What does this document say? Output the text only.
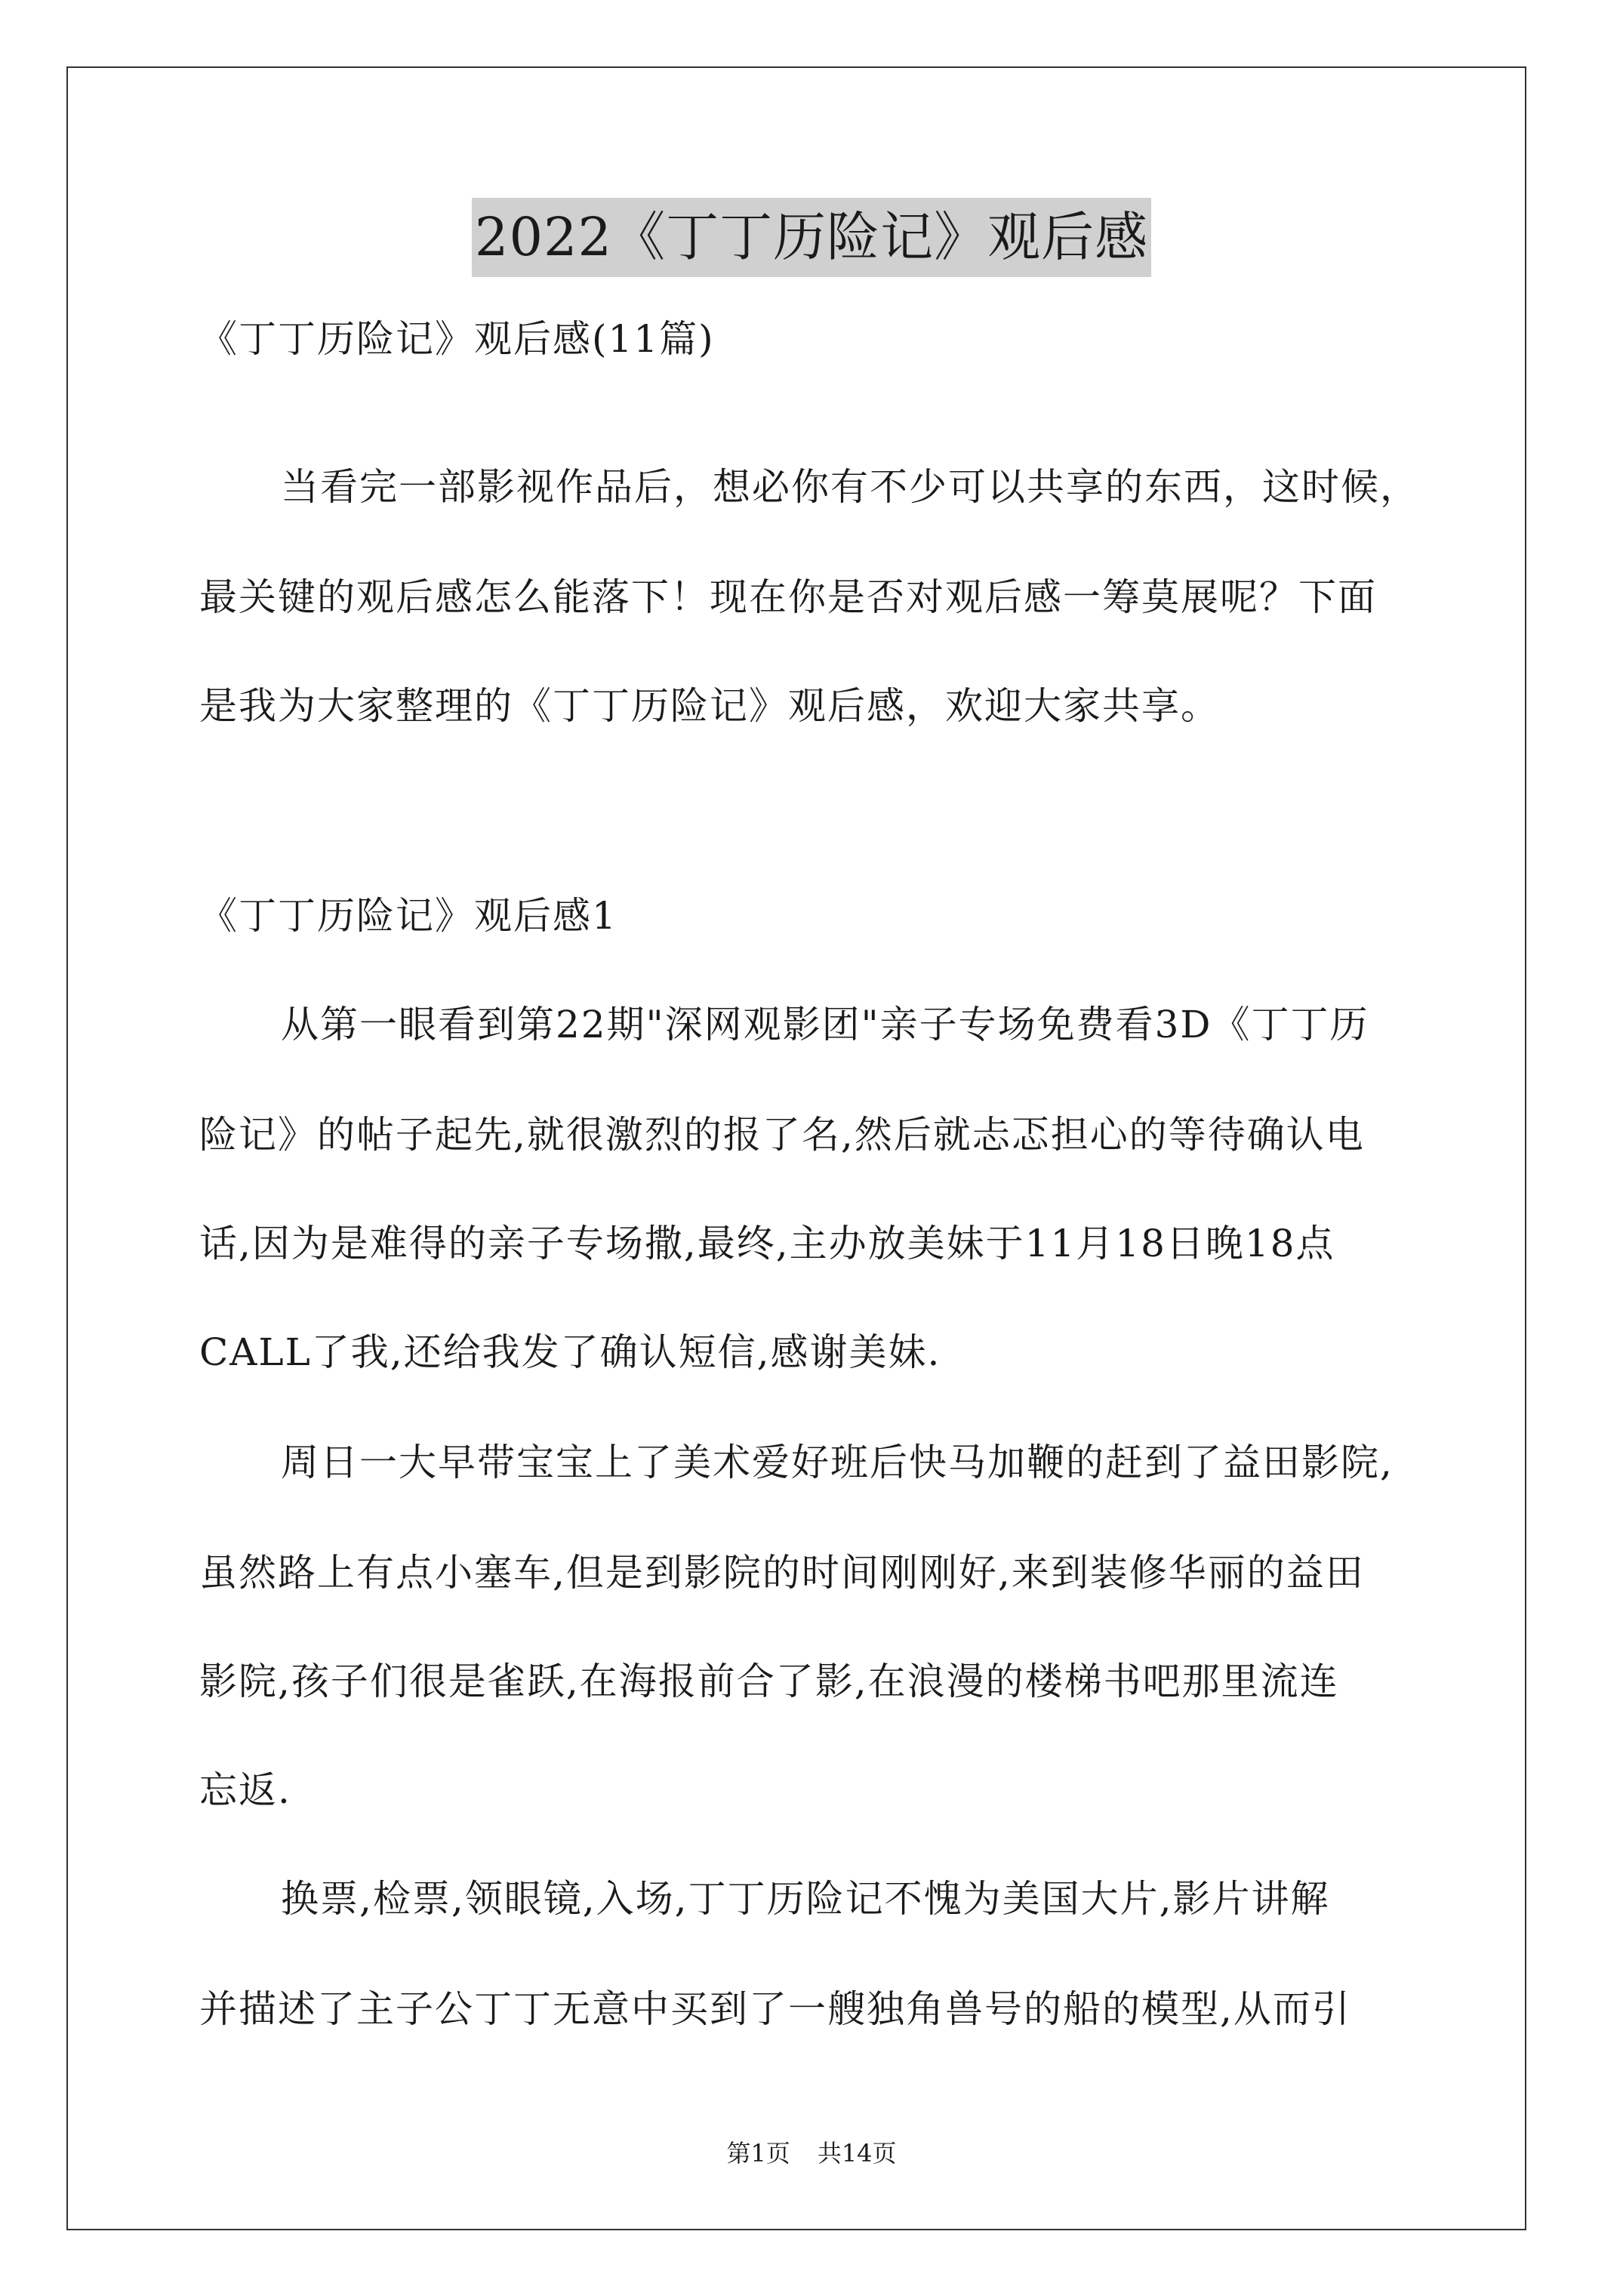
2022《丁丁历险记》观后感

《丁丁历险记》观后感(11篇)

当看完一部影视作品后，想必你有不少可以共享的东西，这时候，

最关键的观后感怎么能落下！现在你是否对观后感一筹莫展呢？下面

是我为大家整理的《丁丁历险记》观后感，欢迎大家共享。

《丁丁历险记》观后感1

从第一眼看到第22期"深网观影团"亲子专场免费看3D《丁丁历

险记》的帖子起先,就很激烈的报了名,然后就忐忑担心的等待确认电

话,因为是难得的亲子专场撒,最终,主办放美妹于11月18日晚18点

CALL了我,还给我发了确认短信,感谢美妹.

周日一大早带宝宝上了美术爱好班后快马加鞭的赶到了益田影院,

虽然路上有点小塞车,但是到影院的时间刚刚好,来到装修华丽的益田

影院,孩子们很是雀跃,在海报前合了影,在浪漫的楼梯书吧那里流连

忘返.

换票,检票,领眼镜,入场,丁丁历险记不愧为美国大片,影片讲解

并描述了主子公丁丁无意中买到了一艘独角兽号的船的模型,从而引

第1页 共14页
